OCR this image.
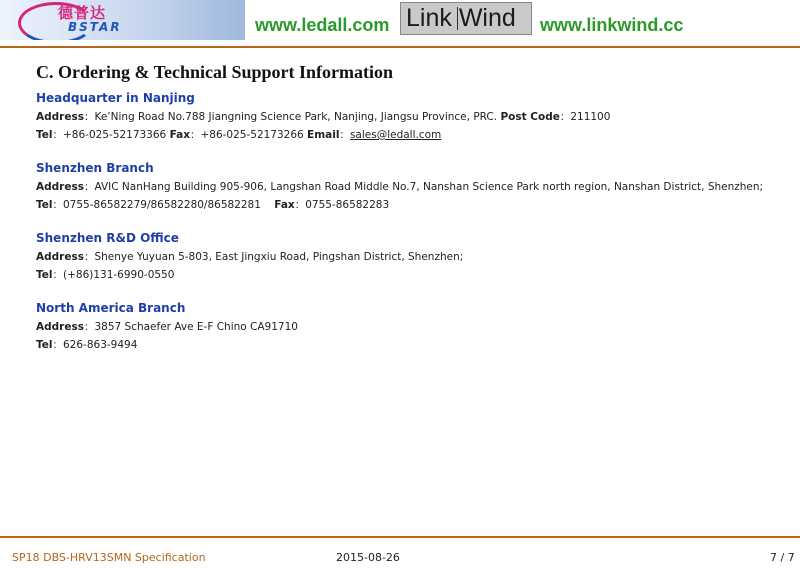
德普达
BSTAR	www.ledall.com Link Wind www.linkwind.cc
C. Ordering & Technical Support Information
Headquarter in Nanjing
Address：Ke’Ning Road No.788 Jiangning Science Park, Nanjing, Jiangsu Province, PRC. Post Code：211100
Tel：+86-025-52173366 Fax：+86-025-52173266 Email：sales@ledall.com
Shenzhen Branch
Address：AVIC NanHang Building 905-906, Langshan Road Middle No.7, Nanshan Science Park north region, Nanshan District, Shenzhen;
Tel：0755-86582279/86582280/86582281    Fax：0755-86582283
Shenzhen R&D Office
Address：Shenye Yuyuan 5-803, East Jingxiu Road, Pingshan District, Shenzhen;
Tel：(+86)131-6990-0550
North America Branch
Address：3857 Schaefer Ave E-F Chino CA91710
Tel：626-863-9494
SP18 DBS-HRV13SMN Specification	2015-08-26	7 / 7
